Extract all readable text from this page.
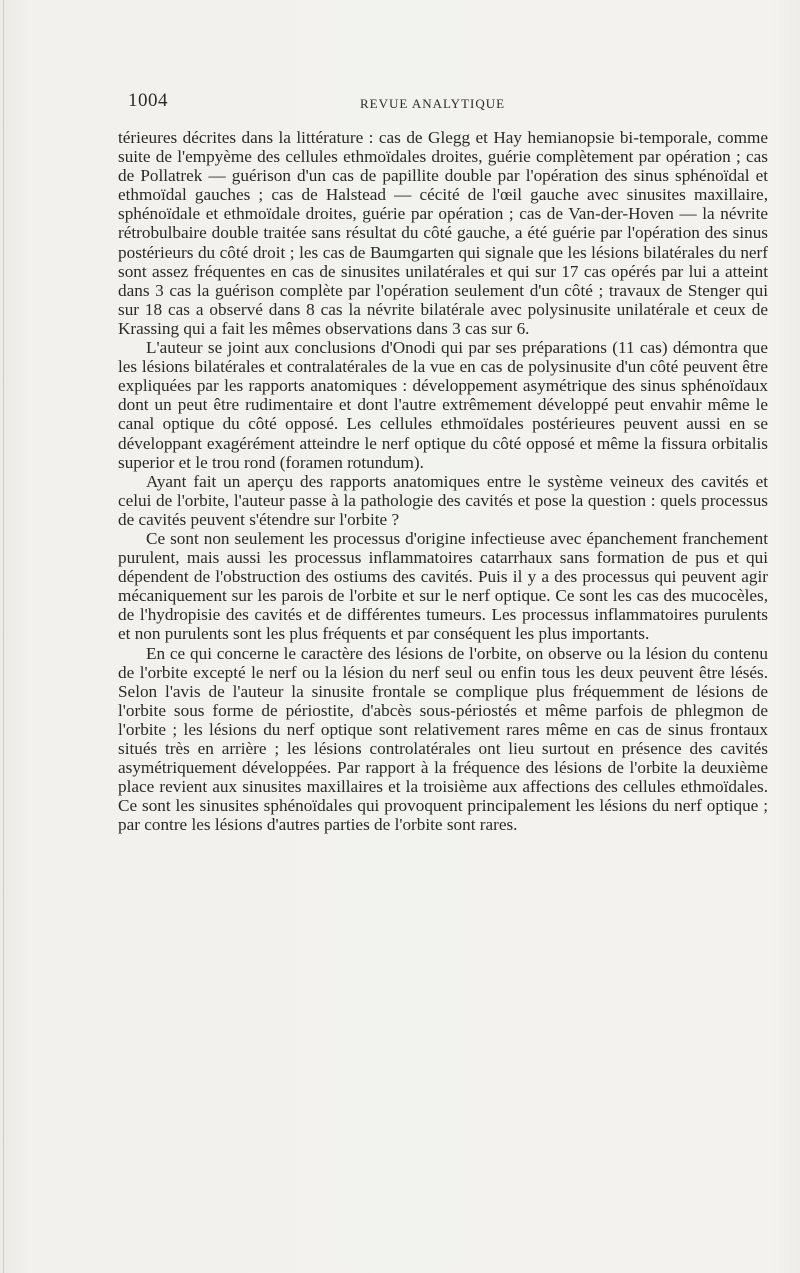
1004	REVUE ANALYTIQUE

térieures décrites dans la littérature : cas de Glegg et Hay hemianopsie bi-temporale, comme suite de l'empyème des cellules ethmoïdales droites, guérie complètement par opération ; cas de Pollatrek — guérison d'un cas de papillite double par l'opération des sinus sphénoïdal et ethmoïdal gauches ; cas de Halstead — cécité de l'œil gauche avec sinusites maxillaire, sphénoïdale et ethmoïdale droites, guérie par opération ; cas de Van-der-Hoven — la névrite rétrobulbaire double traitée sans résultat du côté gauche, a été guérie par l'opération des sinus postérieurs du côté droit ; les cas de Baumgarten qui signale que les lésions bilatérales du nerf sont assez fréquentes en cas de sinusites unilatérales et qui sur 17 cas opérés par lui a atteint dans 3 cas la guérison complète par l'opération seulement d'un côté ; travaux de Stenger qui sur 18 cas a observé dans 8 cas la névrite bilatérale avec polysinusite unilatérale et ceux de Krassing qui a fait les mêmes observations dans 3 cas sur 6.

L'auteur se joint aux conclusions d'Onodi qui par ses préparations (11 cas) démontra que les lésions bilatérales et contralatérales de la vue en cas de polysinusite d'un côté peuvent être expliquées par les rapports anatomiques : développement asymétrique des sinus sphénoïdaux dont un peut être rudimentaire et dont l'autre extrêmement développé peut envahir même le canal optique du côté opposé. Les cellules ethmoïdales postérieures peuvent aussi en se développant exagérément atteindre le nerf optique du côté opposé et même la fissura orbitalis superior et le trou rond (foramen rotundum).

Ayant fait un aperçu des rapports anatomiques entre le système veineux des cavités et celui de l'orbite, l'auteur passe à la pathologie des cavités et pose la question : quels processus de cavités peuvent s'étendre sur l'orbite ?

Ce sont non seulement les processus d'origine infectieuse avec épanchement franchement purulent, mais aussi les processus inflammatoires catarrhaux sans formation de pus et qui dépendent de l'obstruction des ostiums des cavités. Puis il y a des processus qui peuvent agir mécaniquement sur les parois de l'orbite et sur le nerf optique. Ce sont les cas des mucocèles, de l'hydropisie des cavités et de différentes tumeurs. Les processus inflammatoires purulents et non purulents sont les plus fréquents et par conséquent les plus importants.

En ce qui concerne le caractère des lésions de l'orbite, on observe ou la lésion du contenu de l'orbite excepté le nerf ou la lésion du nerf seul ou enfin tous les deux peuvent être lésés. Selon l'avis de l'auteur la sinusite frontale se complique plus fréquemment de lésions de l'orbite sous forme de périostite, d'abcès sous-périostés et même parfois de phlegmon de l'orbite ; les lésions du nerf optique sont relativement rares même en cas de sinus frontaux situés très en arrière ; les lésions controlatérales ont lieu surtout en présence des cavités asymétriquement développées. Par rapport à la fréquence des lésions de l'orbite la deuxième place revient aux sinusites maxillaires et la troisième aux affections des cellules ethmoïdales. Ce sont les sinusites sphénoïdales qui provoquent principalement les lésions du nerf optique ; par contre les lésions d'autres parties de l'orbite sont rares.
